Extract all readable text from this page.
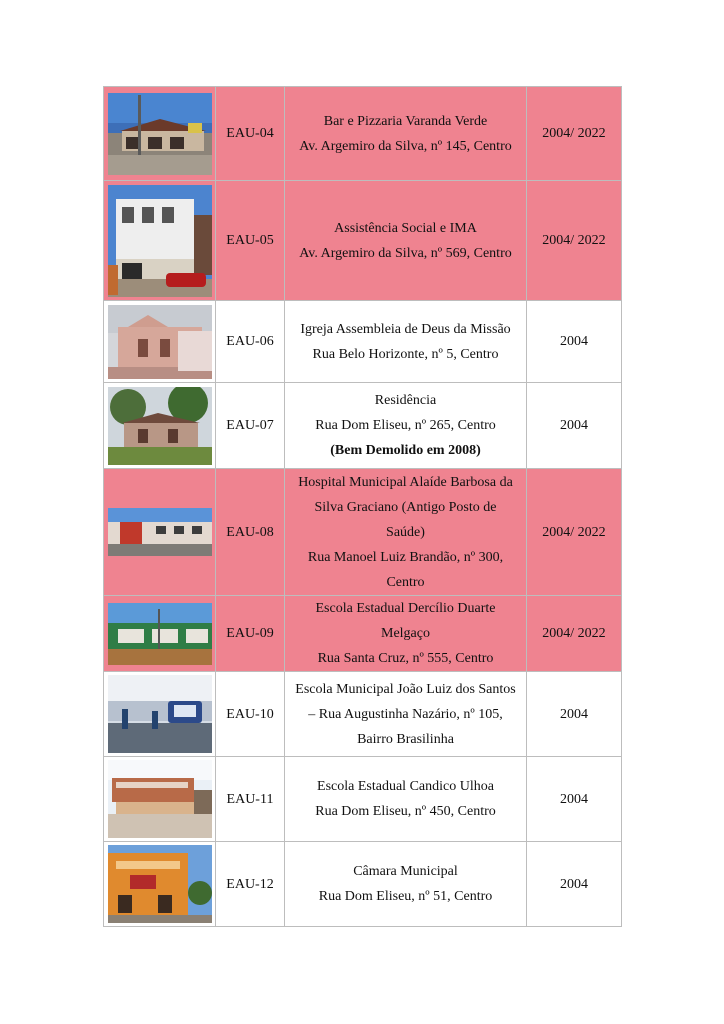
	EAU-04	Bar e Pizzaria Varanda Verde
Av. Argemiro da Silva, nº 145, Centro	2004/ 2022

	EAU-05	Assistência Social e IMA
Av. Argemiro da Silva, nº 569, Centro	2004/ 2022

	EAU-06	Igreja Assembleia de Deus da Missão
Rua Belo Horizonte, nº 5, Centro	2004

	EAU-07	Residência
Rua Dom Eliseu, nº 265, Centro
(Bem Demolido em 2008)	2004

	EAU-08	Hospital Municipal Alaíde Barbosa da
Silva Graciano (Antigo Posto de
Saúde)
Rua Manoel Luiz Brandão, nº 300,
Centro	2004/ 2022

	EAU-09	Escola Estadual Dercílio Duarte
Melgaço
Rua Santa Cruz, nº 555, Centro	2004/ 2022

	EAU-10	Escola Municipal João Luiz dos Santos
– Rua Augustinha Nazário, nº 105,
Bairro Brasilinha	2004

	EAU-11	Escola Estadual Candico Ulhoa
Rua Dom Eliseu, nº 450, Centro	2004

	EAU-12	Câmara Municipal
Rua Dom Eliseu, nº 51, Centro	2004
